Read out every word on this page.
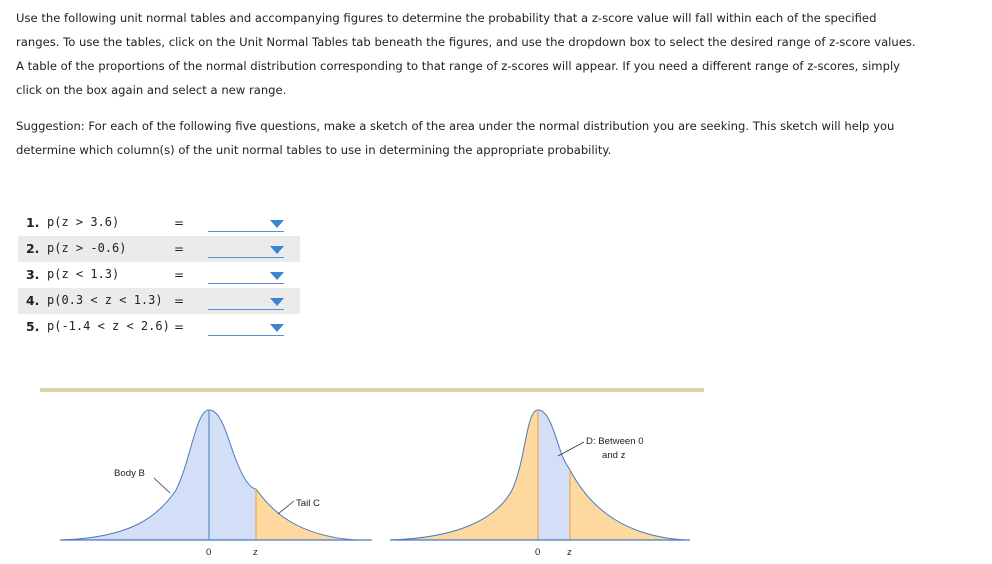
Use the following unit normal tables and accompanying figures to determine the probability that a z-score value will fall within each of the specified ranges. To use the tables, click on the Unit Normal Tables tab beneath the figures, and use the dropdown box to select the desired range of z-score values. A table of the proportions of the normal distribution corresponding to that range of z-scores will appear. If you need a different range of z-scores, simply click on the box again and select a new range.

Suggestion: For each of the following five questions, make a sketch of the area under the normal distribution you are seeking. This sketch will help you determine which column(s) of the unit normal tables to use in determining the appropriate probability.

1. p(z > 3.6)	=
2. p(z > -0.6)	=
3. p(z < 1.3)	=
4. p(0.3 < z < 1.3) =
5. p(-1.4 < z < 2.6) =
Body B
Tail C
0	z
D: Between 0
and z
0	z
